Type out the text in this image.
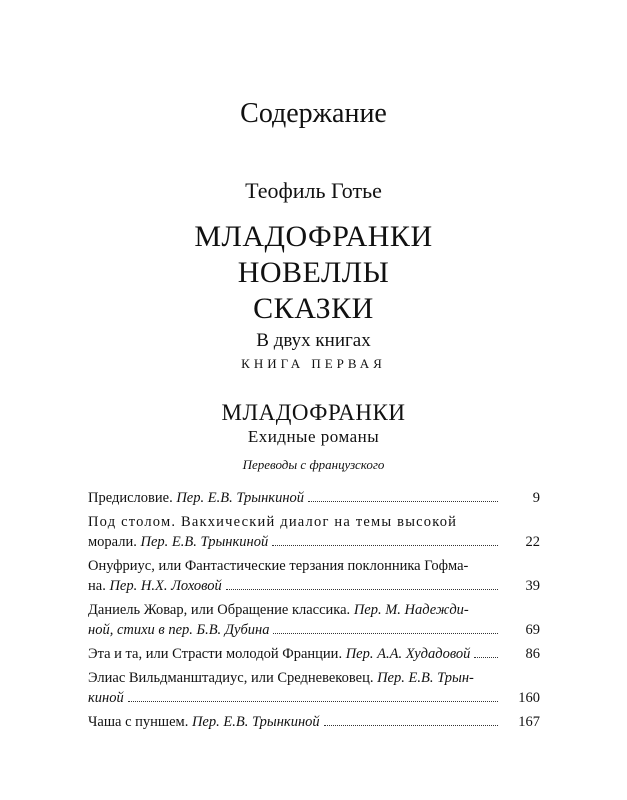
Содержание
Теофиль Готье
МЛАДОФРАНКИ
НОВЕЛЛЫ
СКАЗКИ
В двух книгах
КНИГА ПЕРВАЯ
МЛАДОФРАНКИ
Ехидные романы
Переводы с французского
Предисловие. Пер. Е.В. Трынкиной	9
Под столом. Вакхический диалог на темы высокой
морали. Пер. Е.В. Трынкиной	22
Онуфриус, или Фантастические терзания поклонника Гофма-
на. Пер. Н.Х. Лоховой	39
Даниель Жовар, или Обращение классика. Пер. М. Надежди-
ной, стихи в пер. Б.В. Дубина	69
Эта и та, или Страсти молодой Франции. Пер. А.А. Худадовой	86
Элиас Вильдманштадиус, или Средневековец. Пер. Е.В. Трын-
киной	160
Чаша с пуншем. Пер. Е.В. Трынкиной	167
